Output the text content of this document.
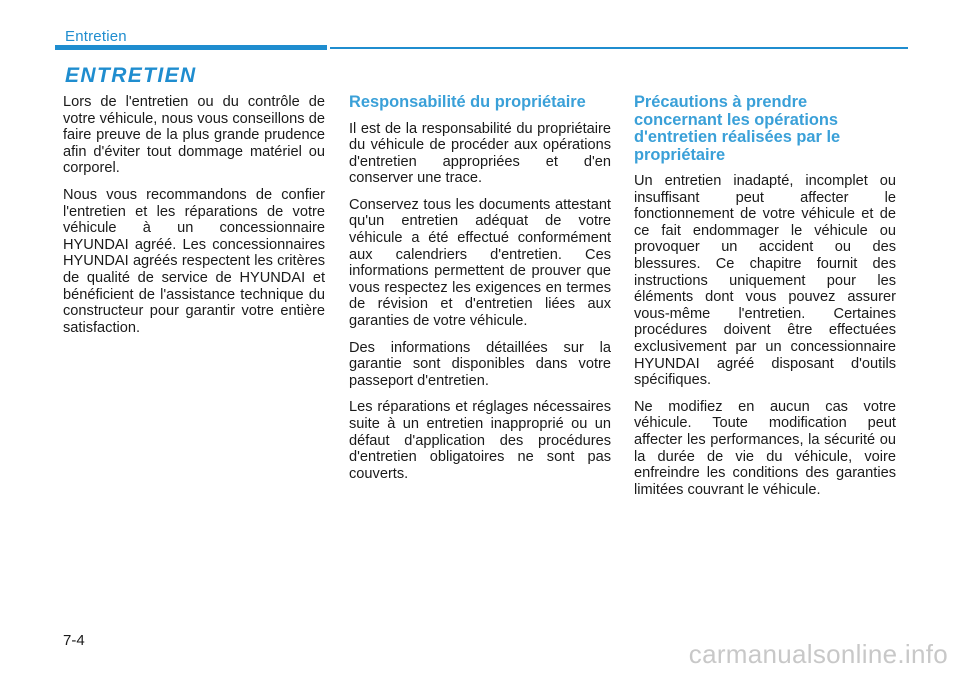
Entretien
ENTRETIEN

Lors de l'entretien ou du contrôle de votre véhicule, nous vous conseillons de faire preuve de la plus grande prudence afin d'éviter tout dommage matériel ou corporel.

Nous vous recommandons de confier l'entretien et les réparations de votre véhicule à un concessionnaire HYUNDAI agréé. Les concessionnaires HYUNDAI agréés respectent les critères de qualité de service de HYUNDAI et bénéficient de l'assistance technique du constructeur pour garantir votre entière satisfaction.

Responsabilité du propriétaire

Il est de la responsabilité du propriétaire du véhicule de procéder aux opérations d'entretien appropriées et d'en conserver une trace.

Conservez tous les documents attestant qu'un entretien adéquat de votre véhicule a été effectué conformément aux calendriers d'entretien. Ces informations permettent de prouver que vous respectez les exigences en termes de révision et d'entretien liées aux garanties de votre véhicule.

Des informations détaillées sur la garantie sont disponibles dans votre passeport d'entretien.

Les réparations et réglages nécessaires suite à un entretien inapproprié ou un défaut d'application des procédures d'entretien obligatoires ne sont pas couverts.

Précautions à prendre concernant les opérations d'entretien réalisées par le propriétaire

Un entretien inadapté, incomplet ou insuffisant peut affecter le fonctionnement de votre véhicule et de ce fait endommager le véhicule ou provoquer un accident ou des blessures. Ce chapitre fournit des instructions uniquement pour les éléments dont vous pouvez assurer vous-même l'entretien. Certaines procédures doivent être effectuées exclusivement par un concessionnaire HYUNDAI agréé disposant d'outils spécifiques.

Ne modifiez en aucun cas votre véhicule. Toute modification peut affecter les performances, la sécurité ou la durée de vie du véhicule, voire enfreindre les conditions des garanties limitées couvrant le véhicule.

7-4	carmanualsonline.info
